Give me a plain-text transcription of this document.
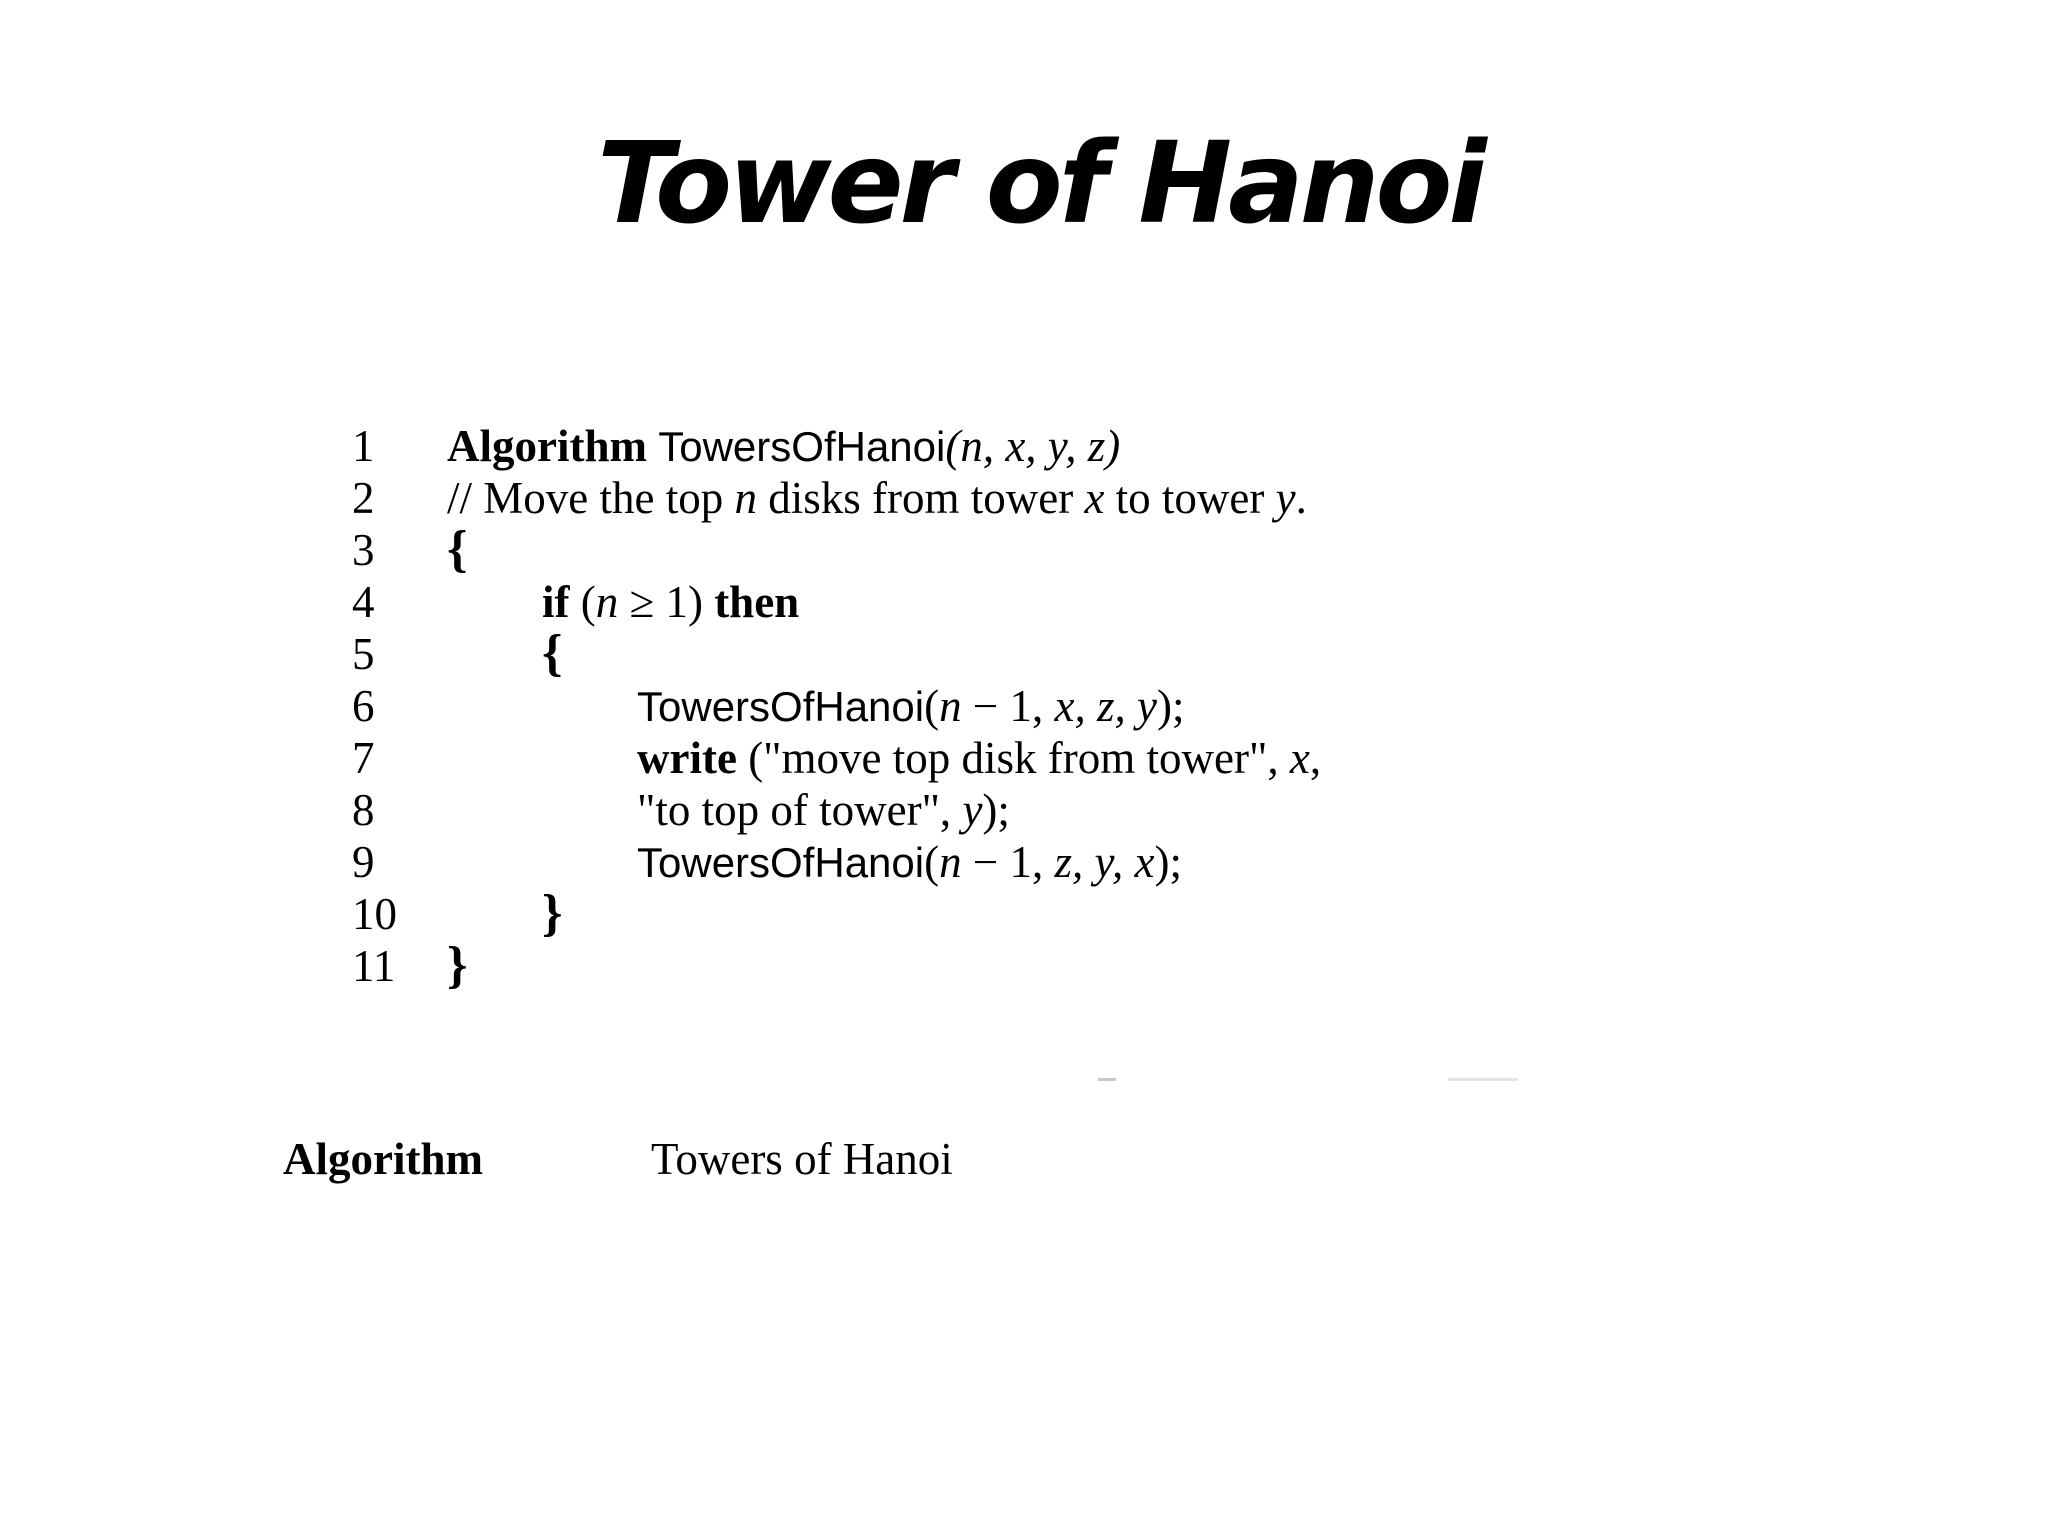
Tower of Hanoi
1	Algorithm TowersOfHanoi(n, x, y, z)
2	// Move the top n disks from tower x to tower y.
3	{
4	if (n ≥ 1) then
5	{
6	TowersOfHanoi(n − 1, x, z, y);
7	write ("move top disk from tower", x,
8	"to top of tower", y);
9	TowersOfHanoi(n − 1, z, y, x);
10	}
11 }
Algorithm	Towers of Hanoi
